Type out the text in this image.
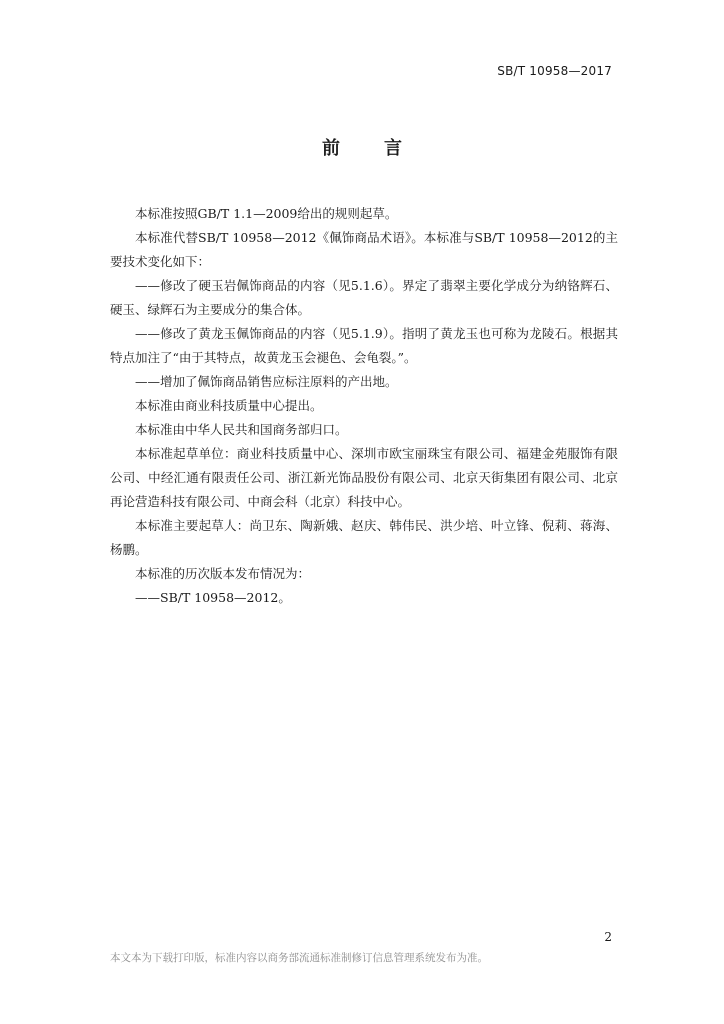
SB/T 10958—2017
前言

本标准按照GB/T 1.1—2009给出的规则起草。

本标准代替SB/T 10958—2012《佩饰商品术语》。本标准与SB/T 10958—2012的主要技术变化如下：

——修改了硬玉岩佩饰商品的内容（见5.1.6）。界定了翡翠主要化学成分为纳铬辉石、硬玉、绿辉石为主要成分的集合体。

——修改了黄龙玉佩饰商品的内容（见5.1.9）。指明了黄龙玉也可称为龙陵石。根据其特点加注了“由于其特点，故黄龙玉会褪色、会龟裂。”。

——增加了佩饰商品销售应标注原料的产出地。

本标准由商业科技质量中心提出。

本标准由中华人民共和国商务部归口。

本标准起草单位：商业科技质量中心、深圳市欧宝丽珠宝有限公司、福建金苑服饰有限公司、中经汇通有限责任公司、浙江新光饰品股份有限公司、北京天街集团有限公司、北京再论营造科技有限公司、中商会科（北京）科技中心。

本标准主要起草人：尚卫东、陶新娥、赵庆、韩伟民、洪少培、叶立锋、倪莉、蒋海、杨鹏。

本标准的历次版本发布情况为：

——SB/T 10958—2012。

2
本文本为下载打印版，标准内容以商务部流通标准制修订信息管理系统发布为准。
